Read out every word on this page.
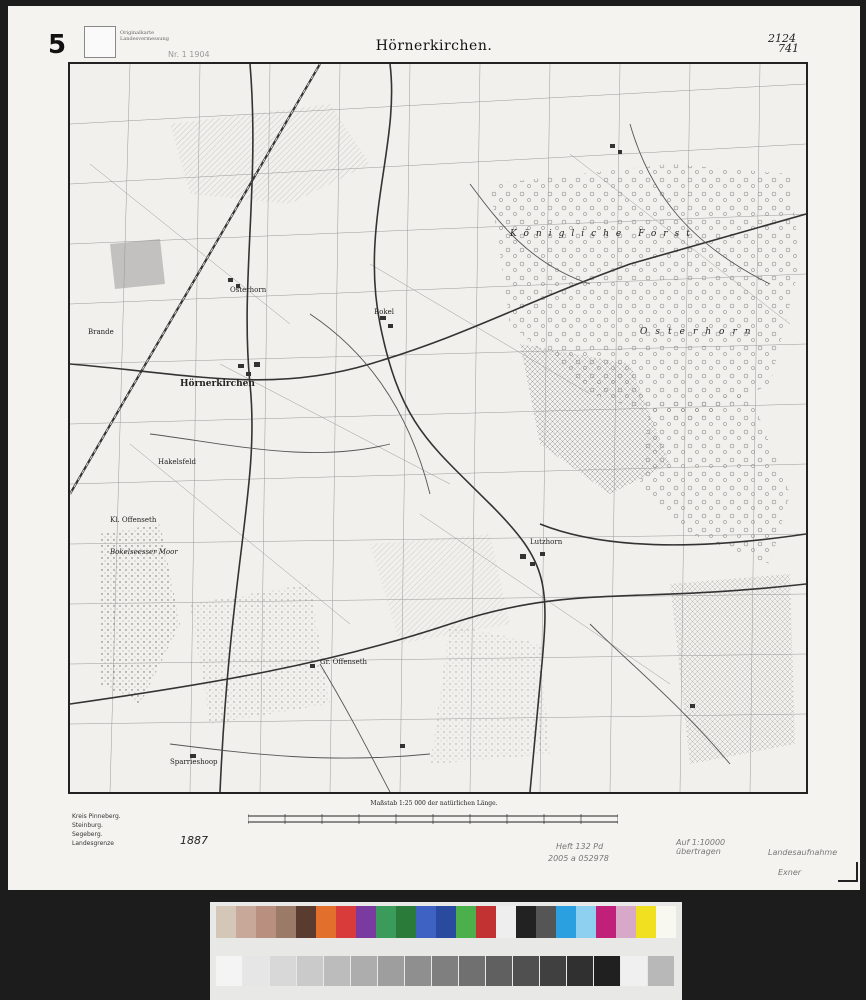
5	Originalkarte Landesvermessung
Nr. 1 1904
Hörnerkirchen.	2124
741
Brande
Hörnerkirchen
Osterhorn
Bokel
Königliche Forst
Osterhorn
Kl. Offenseth
Lutzhorn
Gr. Offenseth
Sparrieshoop
Bokelseesser Moor
Hakelsfeld
Kreis Pinneberg.
Steinburg.
Segeberg.
Landesgrenze	1887
Maßstab 1:25 000 der natürlichen Länge.
2005 a 052978
Heft 132 Pd	Auf 1:10000 übertragen	Landesaufnahme
Exner
